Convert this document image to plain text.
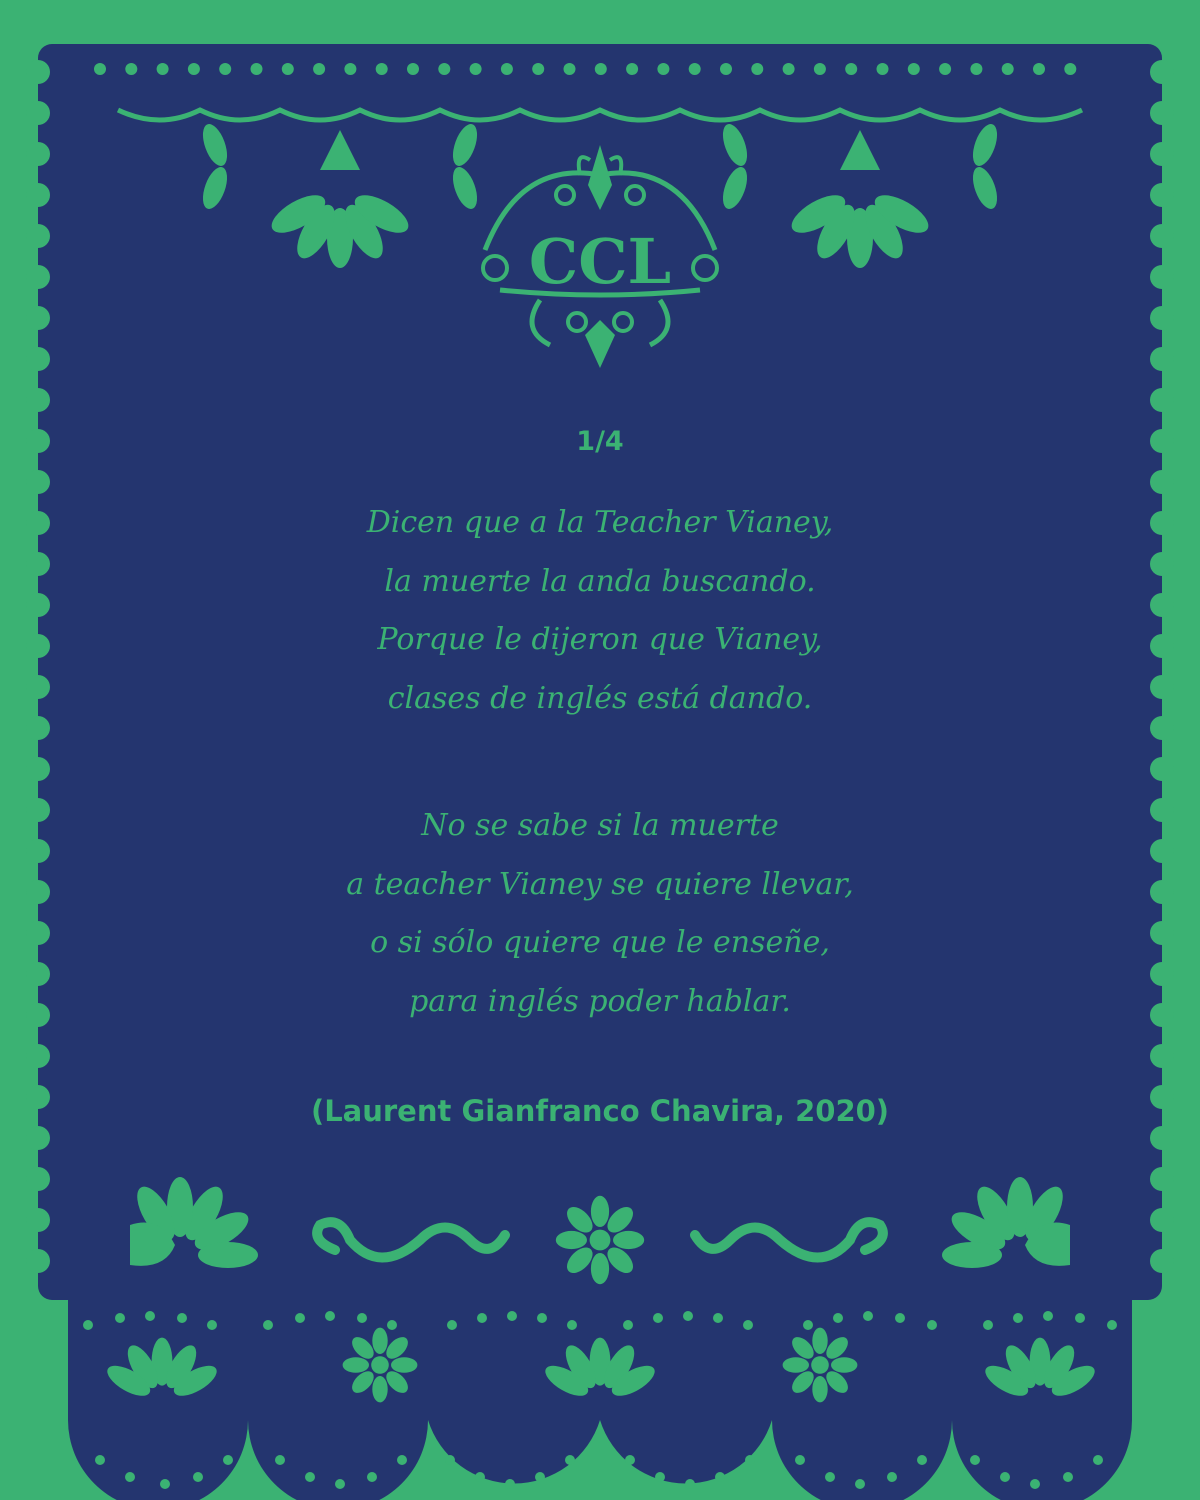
CCL

1/4

Dicen que a la Teacher Vianey,
la muerte la anda buscando.
Porque le dijeron que Vianey,
clases de inglés está dando.
No se sabe si la muerte
a teacher Vianey se quiere llevar,
o si sólo quiere que le enseñe,
para inglés poder hablar.

(Laurent Gianfranco Chavira, 2020)
